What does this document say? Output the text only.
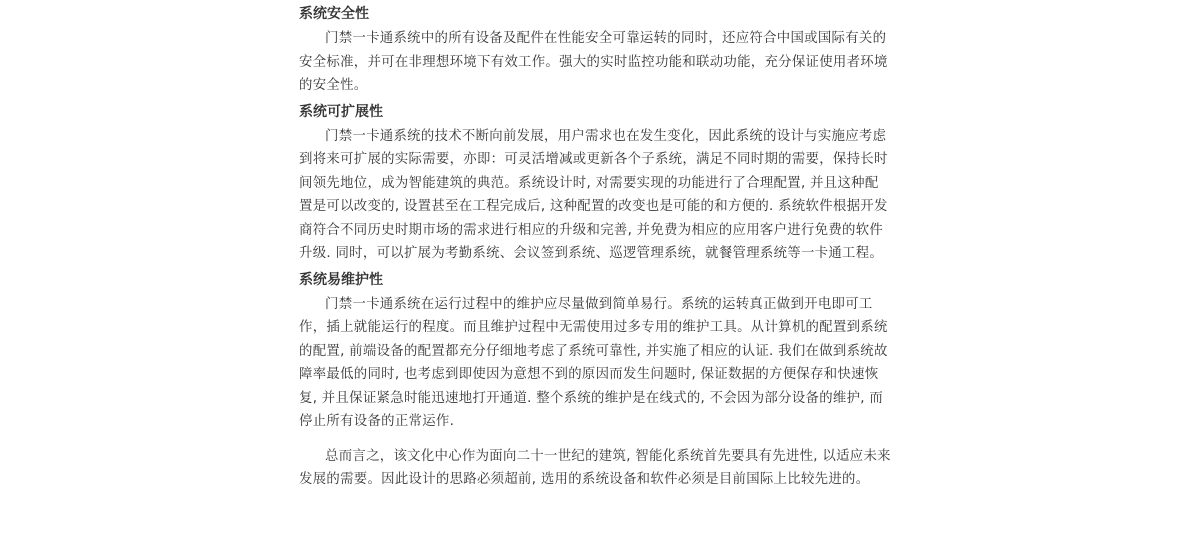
系统安全性

门禁一卡通系统中的所有设备及配件在性能安全可靠运转的同时，还应符合中国或国际有关的安全标准，并可在非理想环境下有效工作。强大的实时监控功能和联动功能，充分保证使用者环境的安全性。

系统可扩展性

门禁一卡通系统的技术不断向前发展，用户需求也在发生变化，因此系统的设计与实施应考虑到将来可扩展的实际需要，亦即：可灵活增减或更新各个子系统，满足不同时期的需要，保持长时间领先地位，成为智能建筑的典范。系统设计时, 对需要实现的功能进行了合理配置, 并且这种配置是可以改变的, 设置甚至在工程完成后, 这种配置的改变也是可能的和方便的. 系统软件根据开发商符合不同历史时期市场的需求进行相应的升级和完善, 并免费为相应的应用客户进行免费的软件升级. 同时，可以扩展为考勤系统、会议签到系统、巡逻管理系统，就餐管理系统等一卡通工程。

系统易维护性

门禁一卡通系统在运行过程中的维护应尽量做到简单易行。系统的运转真正做到开电即可工作，插上就能运行的程度。而且维护过程中无需使用过多专用的维护工具。从计算机的配置到系统的配置, 前端设备的配置都充分仔细地考虑了系统可靠性, 并实施了相应的认证. 我们在做到系统故障率最低的同时, 也考虑到即使因为意想不到的原因而发生问题时, 保证数据的方便保存和快速恢复, 并且保证紧急时能迅速地打开通道. 整个系统的维护是在线式的, 不会因为部分设备的维护, 而停止所有设备的正常运作.

总而言之，该文化中心作为面向二十一世纪的建筑, 智能化系统首先要具有先进性, 以适应未来发展的需要。因此设计的思路必须超前, 选用的系统设备和软件必须是目前国际上比较先进的。
